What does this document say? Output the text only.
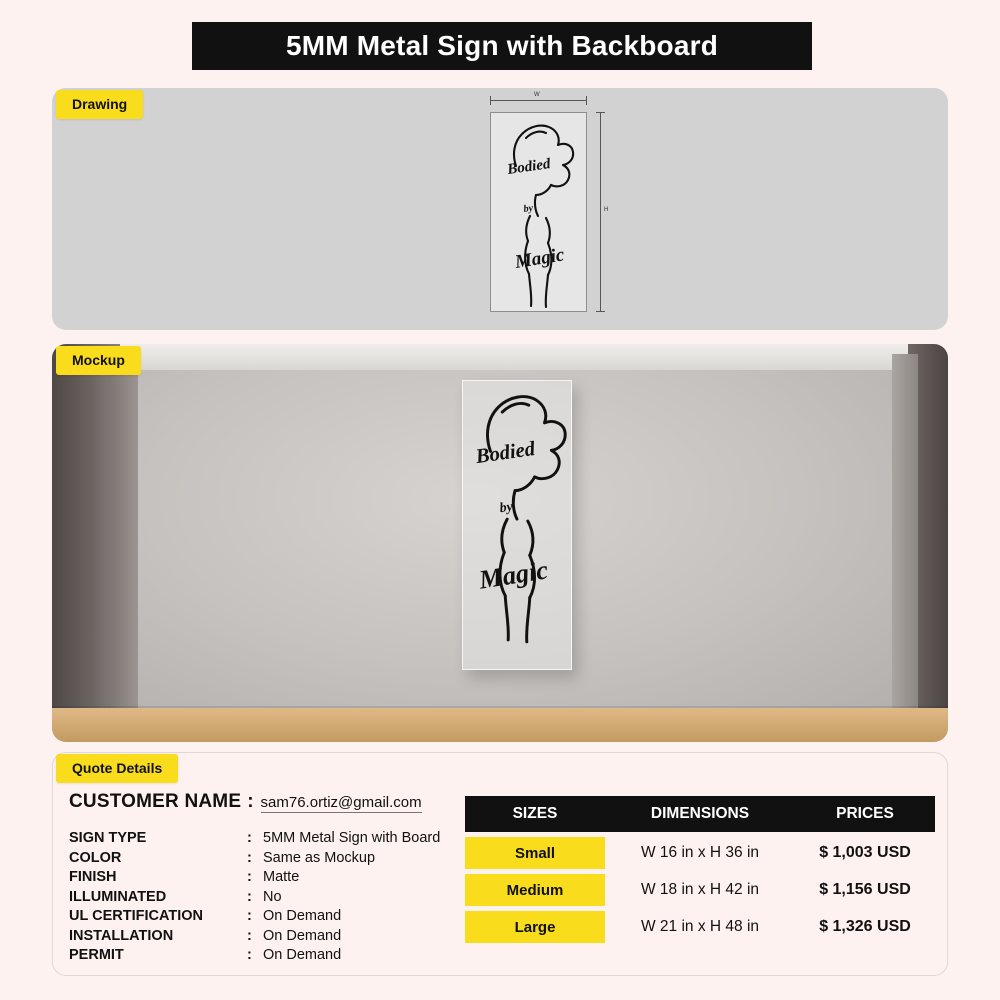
5MM Metal Sign with Backboard
Drawing
W
H
Bodied
by
Magic
Mockup
Bodied
by
Magic
Quote Details
CUSTOMER NAME : sam76.ortiz@gmail.com
SIGN TYPE	:	5MM Metal Sign with Board
COLOR	:	Same as Mockup
FINISH	:	Matte
ILLUMINATED	:	No
UL CERTIFICATION	:	On Demand
INSTALLATION	:	On Demand
PERMIT	:	On Demand
SIZES	DIMENSIONS	PRICES
Small	W 16 in x H 36 in	$ 1,003 USD
Medium	W 18 in x H 42 in	$ 1,156 USD
Large	W 21 in x H 48 in	$ 1,326 USD
